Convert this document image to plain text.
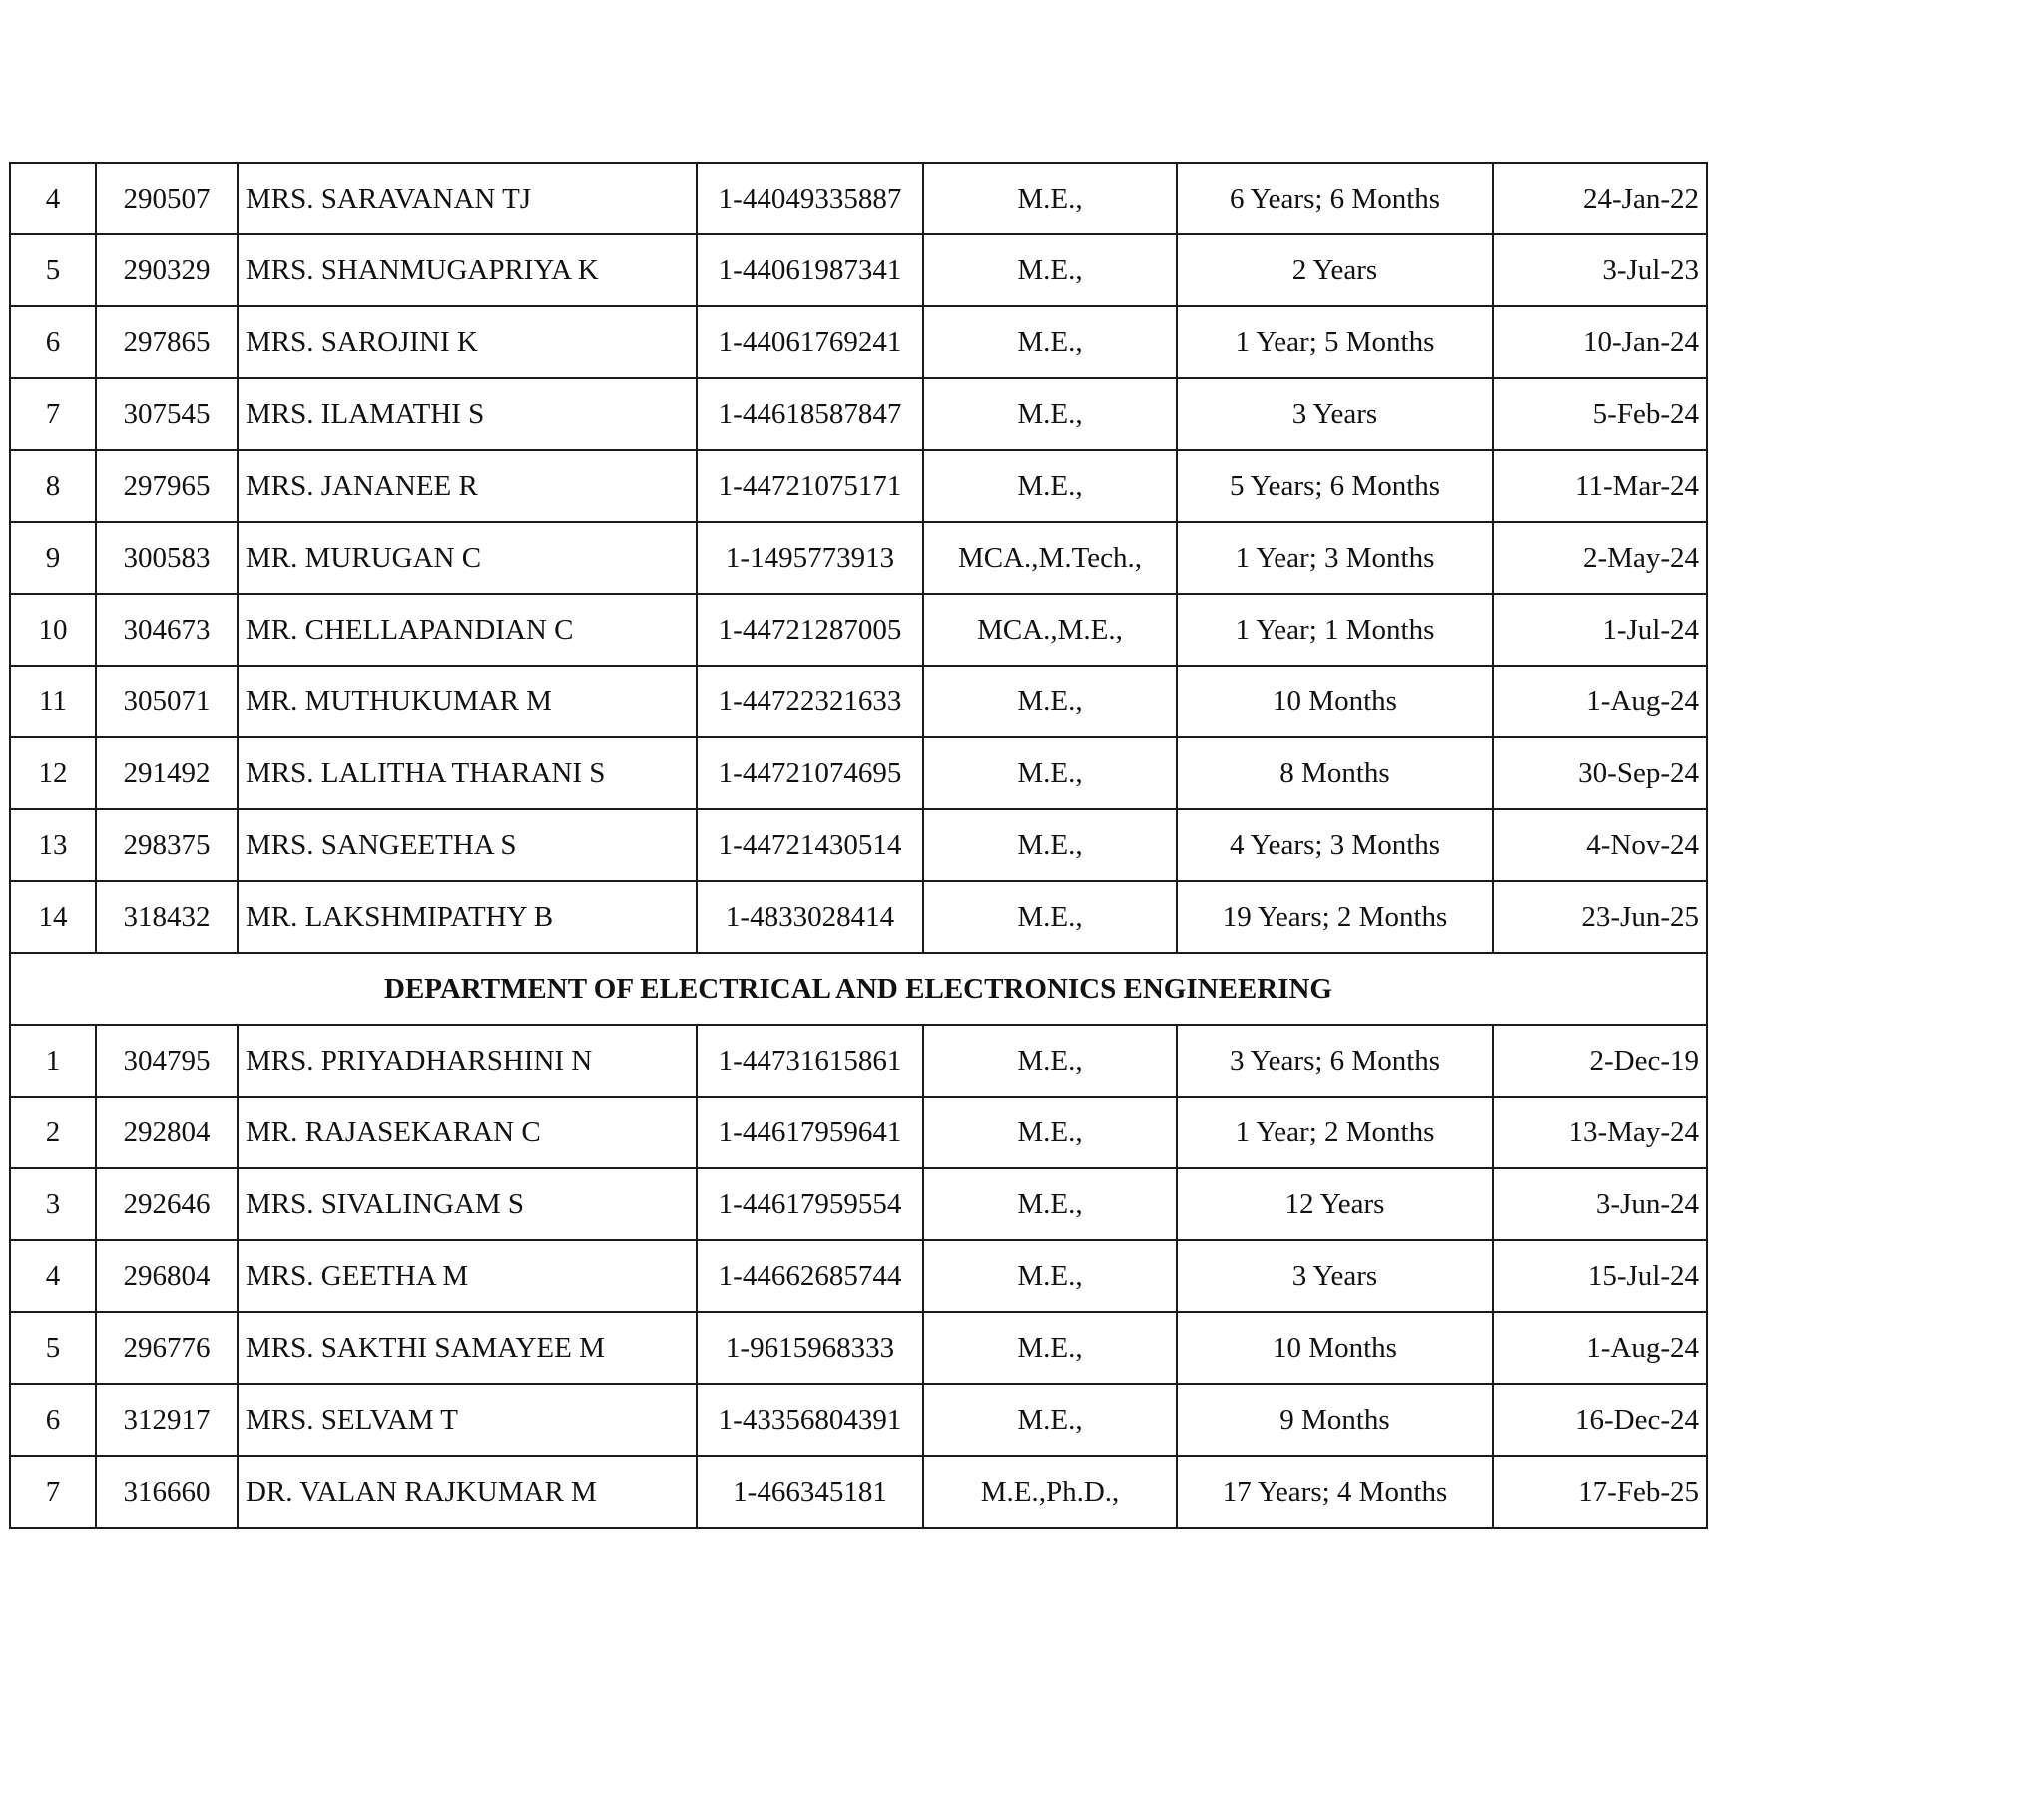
4	290507	MRS. SARAVANAN TJ	1-44049335887	M.E.,	6 Years; 6 Months	24-Jan-22
5	290329	MRS. SHANMUGAPRIYA K	1-44061987341	M.E.,	2 Years	3-Jul-23
6	297865	MRS. SAROJINI K	1-44061769241	M.E.,	1 Year; 5 Months	10-Jan-24
7	307545	MRS. ILAMATHI S	1-44618587847	M.E.,	3 Years	5-Feb-24
8	297965	MRS. JANANEE R	1-44721075171	M.E.,	5 Years; 6 Months	11-Mar-24
9	300583	MR. MURUGAN C	1-1495773913	MCA.,M.Tech.,	1 Year; 3 Months	2-May-24
10	304673	MR. CHELLAPANDIAN C	1-44721287005	MCA.,M.E.,	1 Year; 1 Months	1-Jul-24
11	305071	MR. MUTHUKUMAR M	1-44722321633	M.E.,	10 Months	1-Aug-24
12	291492	MRS. LALITHA THARANI S	1-44721074695	M.E.,	8 Months	30-Sep-24
13	298375	MRS. SANGEETHA S	1-44721430514	M.E.,	4 Years; 3 Months	4-Nov-24
14	318432	MR. LAKSHMIPATHY B	1-4833028414	M.E.,	19 Years; 2 Months	23-Jun-25
DEPARTMENT OF ELECTRICAL AND ELECTRONICS ENGINEERING						
1	304795	MRS. PRIYADHARSHINI N	1-44731615861	M.E.,	3 Years; 6 Months	2-Dec-19
2	292804	MR. RAJASEKARAN C	1-44617959641	M.E.,	1 Year; 2 Months	13-May-24
3	292646	MRS. SIVALINGAM S	1-44617959554	M.E.,	12 Years	3-Jun-24
4	296804	MRS. GEETHA M	1-44662685744	M.E.,	3 Years	15-Jul-24
5	296776	MRS. SAKTHI SAMAYEE M	1-9615968333	M.E.,	10 Months	1-Aug-24
6	312917	MRS. SELVAM T	1-43356804391	M.E.,	9 Months	16-Dec-24
7	316660	DR. VALAN RAJKUMAR M	1-466345181	M.E.,Ph.D.,	17 Years; 4 Months	17-Feb-25
